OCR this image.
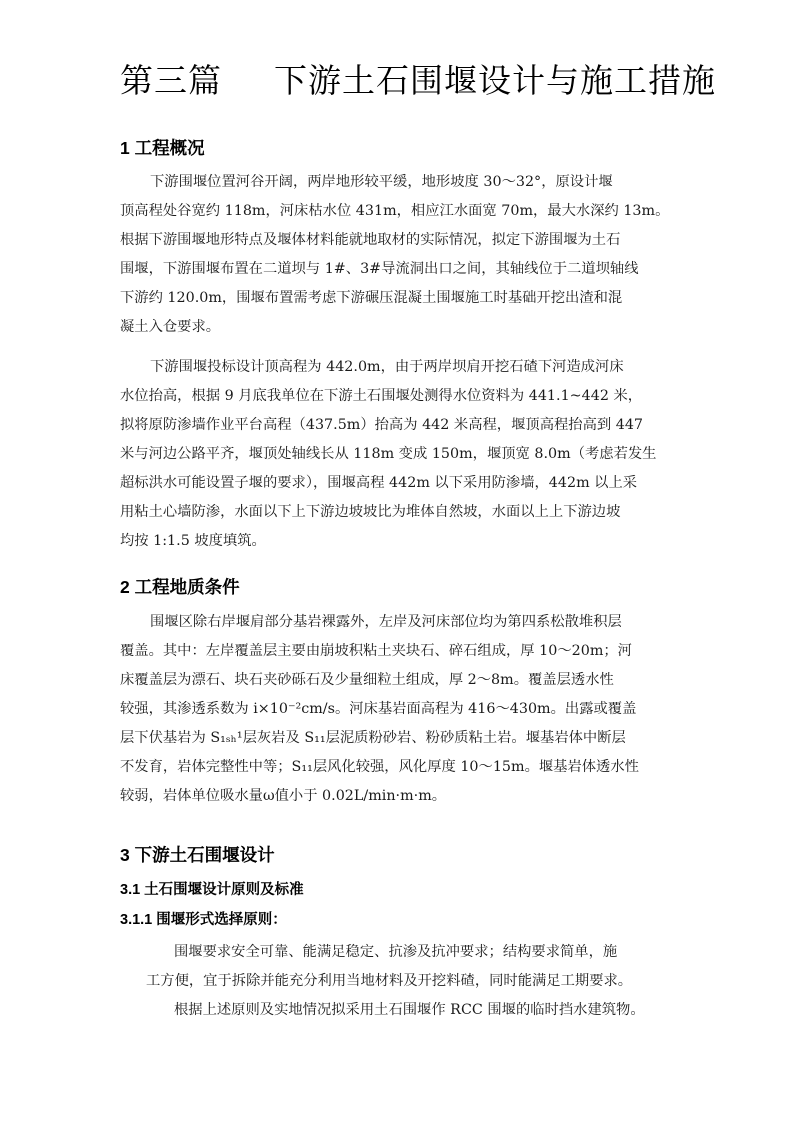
第三篇 下游土石围堰设计与施工措施
1 工程概况
下游围堰位置河谷开阔，两岸地形较平缓，地形坡度 30～32°，原设计堰
顶高程处谷宽约 118m，河床枯水位 431m，相应江水面宽 70m，最大水深约 13m。
根据下游围堰地形特点及堰体材料能就地取材的实际情况，拟定下游围堰为土石
围堰，下游围堰布置在二道坝与 1#、3#导流洞出口之间，其轴线位于二道坝轴线
下游约 120.0m，围堰布置需考虑下游碾压混凝土围堰施工时基础开挖出渣和混
凝土入仓要求。
下游围堰投标设计顶高程为 442.0m，由于两岸坝肩开挖石碴下河造成河床
水位抬高，根据 9 月底我单位在下游土石围堰处测得水位资料为 441.1~442 米，
拟将原防渗墙作业平台高程（437.5m）抬高为 442 米高程，堰顶高程抬高到 447
米与河边公路平齐，堰顶处轴线长从 118m 变成 150m，堰顶宽 8.0m（考虑若发生
超标洪水可能设置子堰的要求），围堰高程 442m 以下采用防渗墙，442m 以上采
用粘土心墙防渗，水面以下上下游边坡坡比为堆体自然坡，水面以上上下游边坡
均按 1:1.5 坡度填筑。
2 工程地质条件
围堰区除右岸堰肩部分基岩裸露外，左岸及河床部位均为第四系松散堆积层
覆盖。其中：左岸覆盖层主要由崩坡积粘土夹块石、碎石组成，厚 10～20m；河
床覆盖层为漂石、块石夹砂砾石及少量细粒土组成，厚 2～8m。覆盖层透水性
较强，其渗透系数为 i×10⁻²cm/s。河床基岩面高程为 416～430m。出露或覆盖
层下伏基岩为 S₁ₛₕ¹层灰岩及 S₁₁层泥质粉砂岩、粉砂质粘土岩。堰基岩体中断层
不发育，岩体完整性中等；S₁₁层风化较强，风化厚度 10～15m。堰基岩体透水性
较弱，岩体单位吸水量ω值小于 0.02L/min·m·m。
3 下游土石围堰设计
3.1 土石围堰设计原则及标准
3.1.1 围堰形式选择原则：
围堰要求安全可靠、能满足稳定、抗渗及抗冲要求；结构要求简单，施
工方便，宜于拆除并能充分利用当地材料及开挖料碴，同时能满足工期要求。
根据上述原则及实地情况拟采用土石围堰作 RCC 围堰的临时挡水建筑物。
